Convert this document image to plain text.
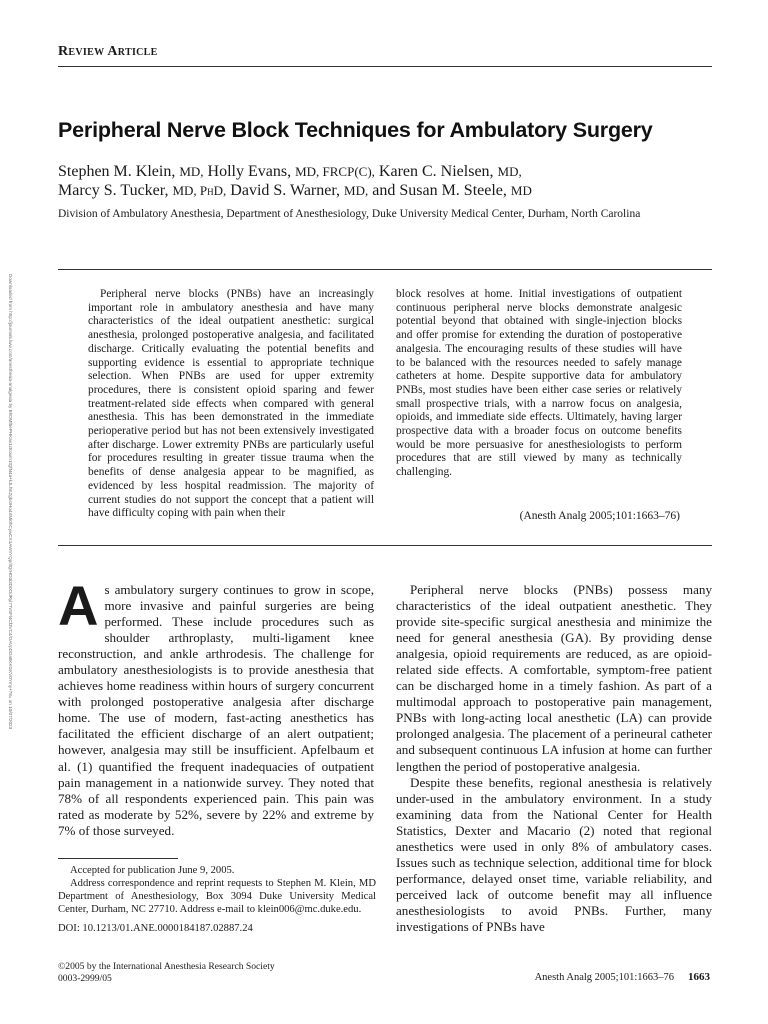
Review Article
Peripheral Nerve Block Techniques for Ambulatory Surgery
Stephen M. Klein, MD, Holly Evans, MD, FRCP(C), Karen C. Nielsen, MD,
Marcy S. Tucker, MD, PhD, David S. Warner, MD, and Susan M. Steele, MD
Division of Ambulatory Anesthesia, Department of Anesthesiology, Duke University Medical Center, Durham, North Carolina
Downloaded from http://journals.lww.com/anesthesia-analgesia by BhDMf5ePHKav1zEoum1tQfN4a+kJLhEZgbsIHo4XMi0hCywCX1AWnYQp/IlQrHD3i3D0OdRyi7TvSFl4Cf3VC4/OAVpDDa8KKGKV0Ymy+78= on 10/07/2023	Peripheral nerve blocks (PNBs) have an increasingly important role in ambulatory anesthesia and have many characteristics of the ideal outpatient anesthetic: surgical anesthesia, prolonged postoperative analgesia, and facilitated discharge. Critically evaluating the potential benefits and supporting evidence is essential to appropriate technique selection. When PNBs are used for upper extremity procedures, there is consistent opioid sparing and fewer treatment-related side effects when compared with general anesthesia. This has been demonstrated in the immediate perioperative period but has not been extensively investigated after discharge. Lower extremity PNBs are particularly useful for procedures resulting in greater tissue trauma when the benefits of dense analgesia appear to be magnified, as evidenced by less hospital readmission. The majority of current studies do not support the concept that a patient will have difficulty coping with pain when their

block resolves at home. Initial investigations of outpatient continuous peripheral nerve blocks demonstrate analgesic potential beyond that obtained with single-injection blocks and offer promise for extending the duration of postoperative analgesia. The encouraging results of these studies will have to be balanced with the resources needed to safely manage catheters at home. Despite supportive data for ambulatory PNBs, most studies have been either case series or relatively small prospective trials, with a narrow focus on analgesia, opioids, and immediate side effects. Ultimately, having larger prospective data with a broader focus on outcome benefits would be more persuasive for anesthesiologists to perform procedures that are still viewed by many as technically challenging.

(Anesth Analg 2005;101:1663–76)
As ambulatory surgery continues to grow in scope, more invasive and painful surgeries are being performed. These include procedures such as shoulder arthroplasty, multi-ligament knee reconstruction, and ankle arthrodesis. The challenge for ambulatory anesthesiologists is to provide anesthesia that achieves home readiness within hours of surgery concurrent with prolonged postoperative analgesia after discharge home. The use of modern, fast-acting anesthetics has facilitated the efficient discharge of an alert outpatient; however, analgesia may still be insufficient. Apfelbaum et al. (1) quantified the frequent inadequacies of outpatient pain management in a nationwide survey. They noted that 78% of all respondents experienced pain. This pain was rated as moderate by 52%, severe by 22% and extreme by 7% of those surveyed.

Peripheral nerve blocks (PNBs) possess many characteristics of the ideal outpatient anesthetic. They provide site-specific surgical anesthesia and minimize the need for general anesthesia (GA). By providing dense analgesia, opioid requirements are reduced, as are opioid-related side effects. A comfortable, symptom-free patient can be discharged home in a timely fashion. As part of a multimodal approach to postoperative pain management, PNBs with long-acting local anesthetic (LA) can provide prolonged analgesia. The placement of a perineural catheter and subsequent continuous LA infusion at home can further lengthen the period of postoperative analgesia.

Despite these benefits, regional anesthesia is relatively under-used in the ambulatory environment. In a study examining data from the National Center for Health Statistics, Dexter and Macario (2) noted that regional anesthetics were used in only 8% of ambulatory cases. Issues such as technique selection, additional time for block performance, delayed onset time, variable reliability, and perceived lack of outcome benefit may all influence anesthesiologists to avoid PNBs. Further, many investigations of PNBs have

Accepted for publication June 9, 2005.

Address correspondence and reprint requests to Stephen M. Klein, MD Department of Anesthesiology, Box 3094 Duke University Medical Center, Durham, NC 27710. Address e-mail to klein006@mc.duke.edu.

DOI: 10.1213/01.ANE.0000184187.02887.24

©2005 by the International Anesthesia Research Society
0003-2999/05	Anesth Analg 2005;101:1663–76 1663
